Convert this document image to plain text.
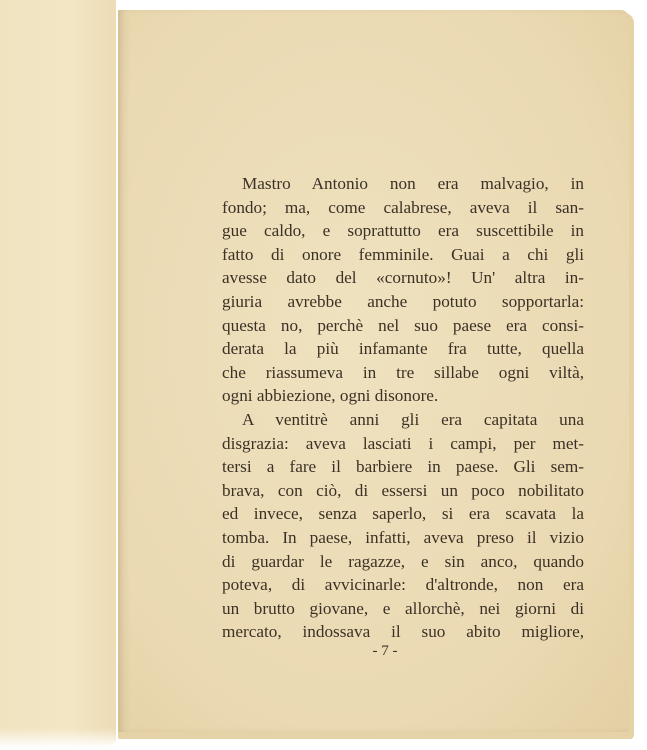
Mastro Antonio non era malvagio, in
fondo; ma, come calabrese, aveva il san-
gue caldo, e soprattutto era suscettibile in
fatto di onore femminile. Guai a chi gli
avesse dato del «cornuto»! Un' altra in-
giuria avrebbe anche potuto sopportarla:
questa no, perchè nel suo paese era consi-
derata la più infamante fra tutte, quella
che riassumeva in tre sillabe ogni viltà,
ogni abbiezione, ogni disonore.
A ventitrè anni gli era capitata una
disgrazia: aveva lasciati i campi, per met-
tersi a fare il barbiere in paese. Gli sem-
brava, con ciò, di essersi un poco nobilitato
ed invece, senza saperlo, si era scavata la
tomba. In paese, infatti, aveva preso il vizio
di guardar le ragazze, e sin anco, quando
poteva, di avvicinarle: d'altronde, non era
un brutto giovane, e allorchè, nei giorni di
mercato, indossava il suo abito migliore,
- 7 -
